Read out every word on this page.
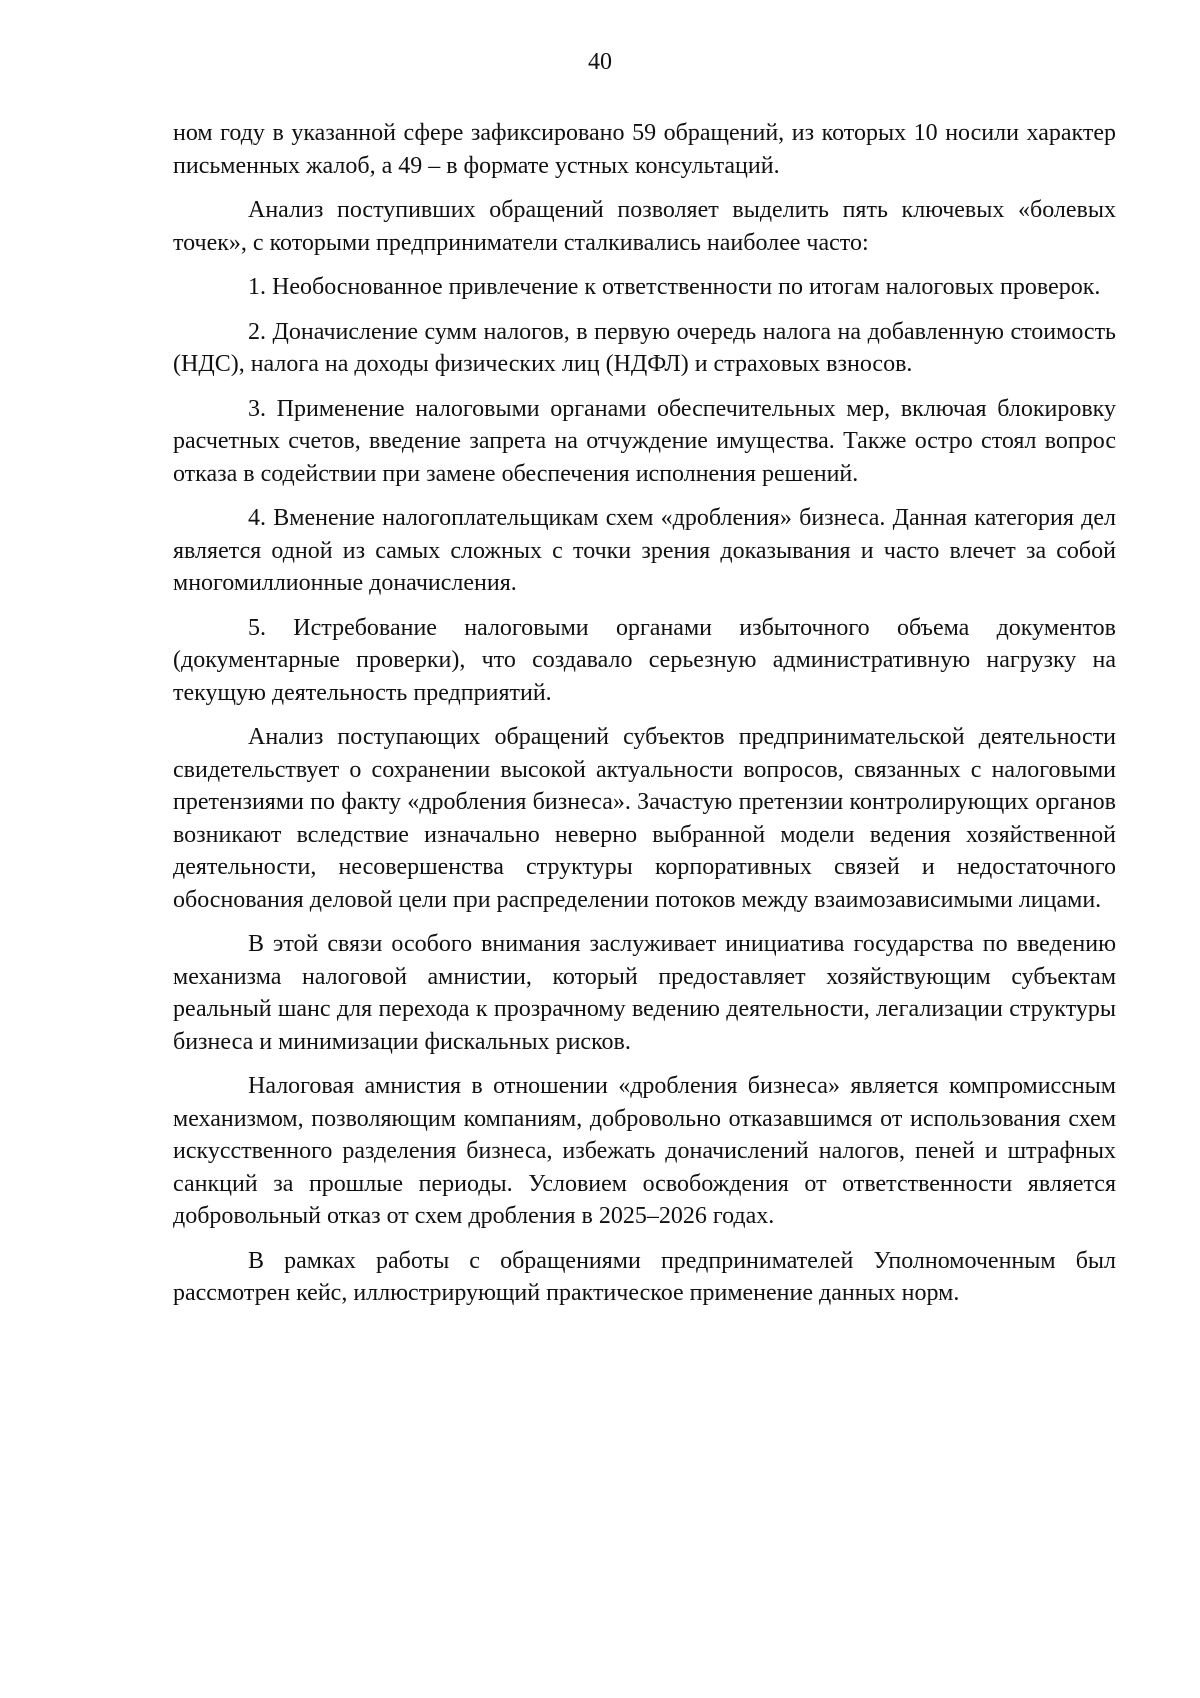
40

ном году в указанной сфере зафиксировано 59 обращений, из которых 10 носили характер письменных жалоб, а 49 – в формате устных консультаций.

Анализ поступивших обращений позволяет выделить пять ключевых «болевых точек», с которыми предприниматели сталкивались наиболее часто:

1. Необоснованное привлечение к ответственности по итогам налоговых проверок.

2. Доначисление сумм налогов, в первую очередь налога на добавленную стоимость (НДС), налога на доходы физических лиц (НДФЛ) и страховых взносов.

3. Применение налоговыми органами обеспечительных мер, включая блокировку расчетных счетов, введение запрета на отчуждение имущества. Также остро стоял вопрос отказа в содействии при замене обеспечения исполнения решений.

4. Вменение налогоплательщикам схем «дробления» бизнеса. Данная категория дел является одной из самых сложных с точки зрения доказывания и часто влечет за собой многомиллионные доначисления.

5. Истребование налоговыми органами избыточного объема документов (документарные проверки), что создавало серьезную административную нагрузку на текущую деятельность предприятий.

Анализ поступающих обращений субъектов предпринимательской деятельности свидетельствует о сохранении высокой актуальности вопросов, связанных с налоговыми претензиями по факту «дробления бизнеса». Зачастую претензии контролирующих органов возникают вследствие изначально неверно выбранной модели ведения хозяйственной деятельности, несовершенства структуры корпоративных связей и недостаточного обоснования деловой цели при распределении потоков между взаимозависимыми лицами.

В этой связи особого внимания заслуживает инициатива государства по введению механизма налоговой амнистии, который предоставляет хозяйствующим субъектам реальный шанс для перехода к прозрачному ведению деятельности, легализации структуры бизнеса и минимизации фискальных рисков.

Налоговая амнистия в отношении «дробления бизнеса» является компромиссным механизмом, позволяющим компаниям, добровольно отказавшимся от использования схем искусственного разделения бизнеса, избежать доначислений налогов, пеней и штрафных санкций за прошлые периоды. Условием освобождения от ответственности является добровольный отказ от схем дробления в 2025–2026 годах.

В рамках работы с обращениями предпринимателей Уполномоченным был рассмотрен кейс, иллюстрирующий практическое применение данных норм.
